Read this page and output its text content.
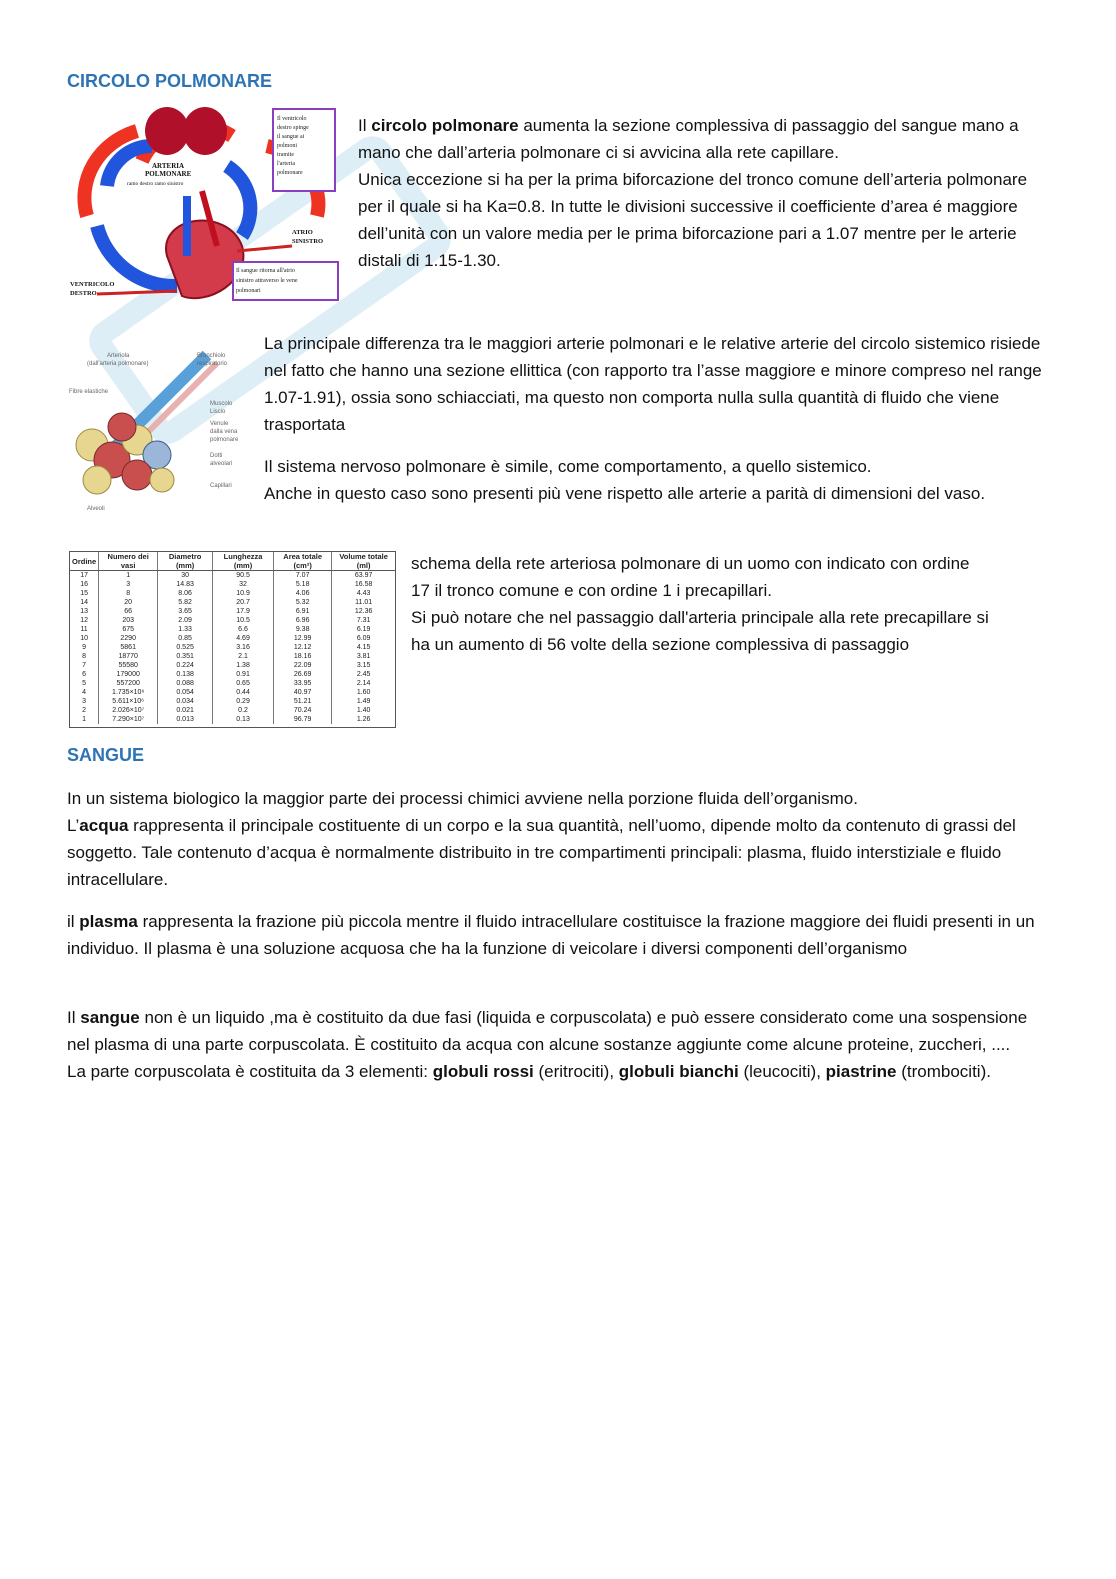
CIRCOLO POLMONARE
ARTERIA
POLMONARE
ramo destro ramo sinistro
VENTRICOLO
DESTRO
ATRIO
SINISTRO
Il ventricolo
destro spinge
il sangue ai
polmoni
tramite
l'arteria
polmonare
Il sangue ritorna all'atrio
sinistro attraverso le vene
polmonari

Il circolo polmonare aumenta la sezione complessiva di passaggio del sangue mano a mano che dall’arteria polmonare ci si avvicina alla rete capillare.
Unica eccezione si ha per la prima biforcazione del tronco comune dell’arteria polmonare per il quale si ha Ka=0.8. In tutte le divisioni successive il coefficiente d’area é maggiore dell’unità con un valore media per le prima biforcazione pari a 1.07 mentre per le arterie distali di 1.15-1.30.

Arteriola
(dall'arteria polmonare)
Bronchiolo
respiratorio
Fibre elastiche
Muscolo
Liscio
Venule
dalla vena
polmonare
Dotti
alveolari
Capillari
Alveoli

La principale differenza tra le maggiori arterie polmonari e le relative arterie del circolo sistemico risiede nel fatto che hanno una sezione ellittica (con rapporto tra l’asse maggiore e minore compreso nel range 1.07-1.91), ossia sono schiacciati, ma questo non comporta nulla sulla quantità di fluido che viene trasportata

Il sistema nervoso polmonare è simile, come comportamento, a quello sistemico.
Anche in questo caso sono presenti più vene rispetto alle arterie a parità di dimensioni del vaso.

Ordine	Numero dei vasi	Diametro (mm)	Lunghezza (mm)	Area totale (cm²)	Volume totale (ml)
17	1	30	90.5	7.07	63.97
16	3	14.83	32	5.18	16.58
15	8	8.06	10.9	4.06	4.43
14	20	5.82	20.7	5.32	11.01
13	66	3.65	17.9	6.91	12.36
12	203	2.09	10.5	6.96	7.31
11	675	1.33	6.6	9.38	6.19
10	2290	0.85	4.69	12.99	6.09
9	5861	0.525	3.16	12.12	4.15
8	18770	0.351	2.1	18.16	3.81
7	55580	0.224	1.38	22.09	3.15
6	179000	0.138	0.91	26.69	2.45
5	557200	0.088	0.65	33.95	2.14
4	1.735×10⁶	0.054	0.44	40.97	1.60
3	5.611×10⁶	0.034	0.29	51.21	1.49
2	2.026×10⁷	0.021	0.2	70.24	1.40
1	7.290×10⁷	0.013	0.13	96.79	1.26

schema della rete arteriosa polmonare di un uomo con indicato con ordine 17 il tronco comune e con ordine 1 i precapillari.
Si può notare che nel passaggio dall'arteria principale alla rete precapillare si ha un aumento di 56 volte della sezione complessiva di passaggio

SANGUE

In un sistema biologico la maggior parte dei processi chimici avviene nella porzione fluida dell’organismo.
L’acqua rappresenta il principale costituente di un corpo e la sua quantità, nell’uomo, dipende molto da contenuto di grassi del soggetto. Tale contenuto d’acqua è normalmente distribuito in tre compartimenti principali: plasma, fluido interstiziale e fluido intracellulare.

il plasma rappresenta la frazione più piccola mentre il fluido intracellulare costituisce la frazione maggiore dei fluidi presenti in un individuo. Il plasma è una soluzione acquosa che ha la funzione di veicolare i diversi componenti dell’organismo

Il sangue non è un liquido ,ma è costituito da due fasi (liquida e corpuscolata) e può essere considerato come una sospensione nel plasma di una parte corpuscolata. È costituito da acqua con alcune sostanze aggiunte come alcune proteine, zuccheri, ....
La parte corpuscolata è costituita da 3 elementi: globuli rossi (eritrociti), globuli bianchi (leucociti), piastrine (trombociti).
